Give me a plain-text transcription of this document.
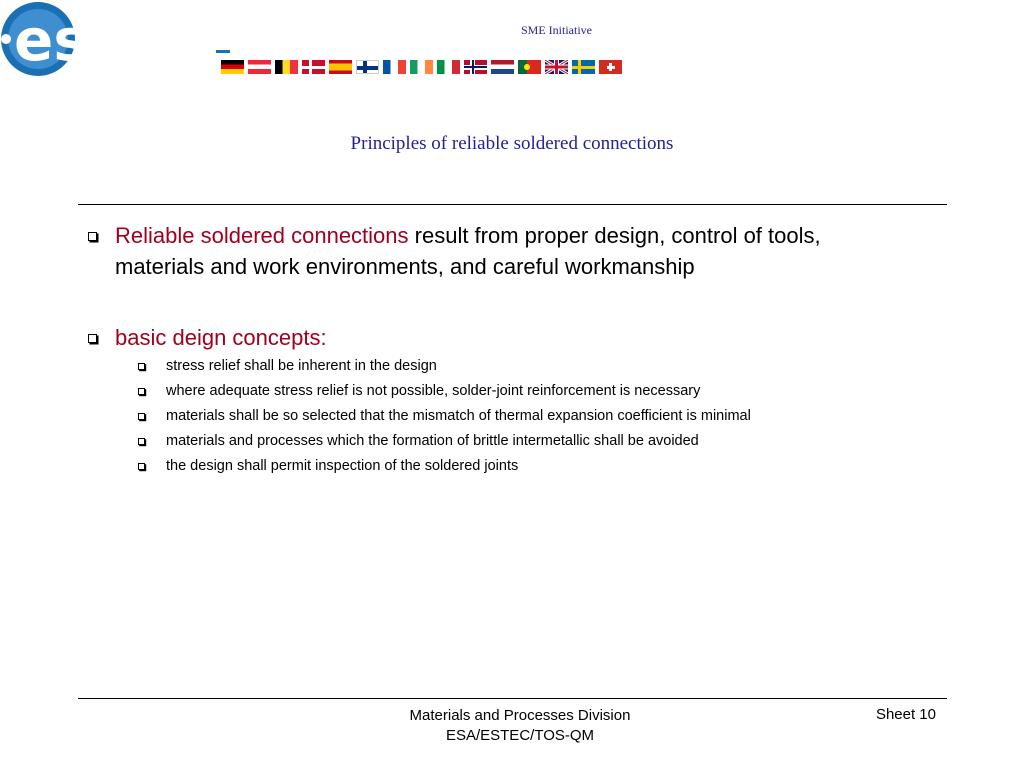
esa	SME Initiative
Principles of reliable soldered connections
Reliable soldered connections result from proper design, control of tools, materials and work environments, and careful workmanship
basic deign concepts:
stress relief shall be inherent in the design
where adequate stress relief is not possible, solder-joint reinforcement is necessary
materials shall be so selected that the mismatch of thermal expansion coefficient is minimal
materials and processes which the formation of brittle intermetallic shall be avoided
the design shall permit inspection of the soldered joints
Materials and Processes Division
ESA/ESTEC/TOS-QM
Sheet 10
